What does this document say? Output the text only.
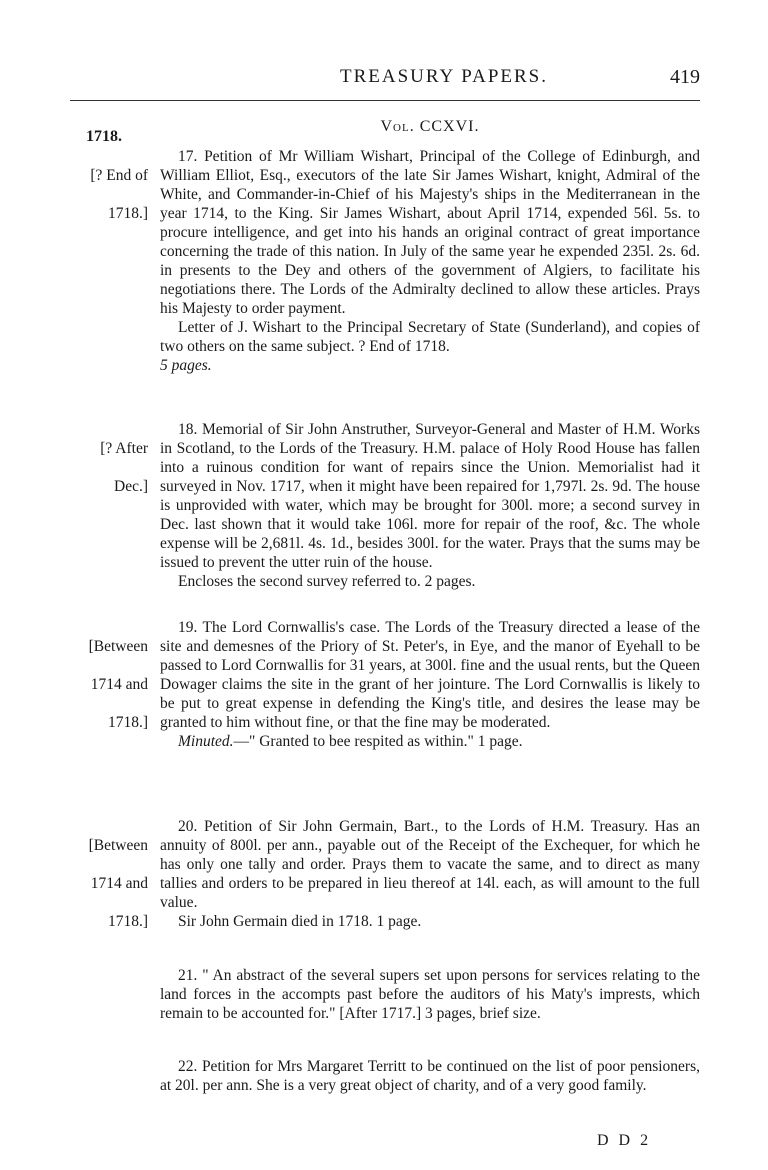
TREASURY PAPERS.	419
Vol. CCXVI.
1718.

[? End of

1718.]

17. Petition of Mr William Wishart, Principal of the College of Edinburgh, and William Elliot, Esq., executors of the late Sir James Wishart, knight, Admiral of the White, and Commander-in-Chief of his Majesty's ships in the Mediterranean in the year 1714, to the King. Sir James Wishart, about April 1714, expended 56l. 5s. to procure intelligence, and get into his hands an original contract of great importance concerning the trade of this nation. In July of the same year he expended 235l. 2s. 6d. in presents to the Dey and others of the government of Algiers, to facilitate his negotiations there. The Lords of the Admiralty declined to allow these articles. Prays his Majesty to order payment.

Letter of J. Wishart to the Principal Secretary of State (Sunderland), and copies of two others on the same subject. ? End of 1718.

5 pages.

[? After

Dec.]

18. Memorial of Sir John Anstruther, Surveyor-General and Master of H.M. Works in Scotland, to the Lords of the Treasury. H.M. palace of Holy Rood House has fallen into a ruinous condition for want of repairs since the Union. Memorialist had it surveyed in Nov. 1717, when it might have been repaired for 1,797l. 2s. 9d. The house is unprovided with water, which may be brought for 300l. more; a second survey in Dec. last shown that it would take 106l. more for repair of the roof, &c. The whole expense will be 2,681l. 4s. 1d., besides 300l. for the water. Prays that the sums may be issued to prevent the utter ruin of the house.

Encloses the second survey referred to. 2 pages.

[Between

1714 and

1718.]

19. The Lord Cornwallis's case. The Lords of the Treasury directed a lease of the site and demesnes of the Priory of St. Peter's, in Eye, and the manor of Eyehall to be passed to Lord Cornwallis for 31 years, at 300l. fine and the usual rents, but the Queen Dowager claims the site in the grant of her jointure. The Lord Cornwallis is likely to be put to great expense in defending the King's title, and desires the lease may be granted to him without fine, or that the fine may be moderated.

Minuted.—" Granted to bee respited as within." 1 page.

[Between

1714 and

1718.]

20. Petition of Sir John Germain, Bart., to the Lords of H.M. Treasury. Has an annuity of 800l. per ann., payable out of the Receipt of the Exchequer, for which he has only one tally and order. Prays them to vacate the same, and to direct as many tallies and orders to be prepared in lieu thereof at 14l. each, as will amount to the full value.

Sir John Germain died in 1718. 1 page.

21. " An abstract of the several supers set upon persons for services relating to the land forces in the accompts past before the auditors of his Maty's imprests, which remain to be accounted for." [After 1717.] 3 pages, brief size.

22. Petition for Mrs Margaret Territt to be continued on the list of poor pensioners, at 20l. per ann. She is a very great object of charity, and of a very good family.

D D 2
